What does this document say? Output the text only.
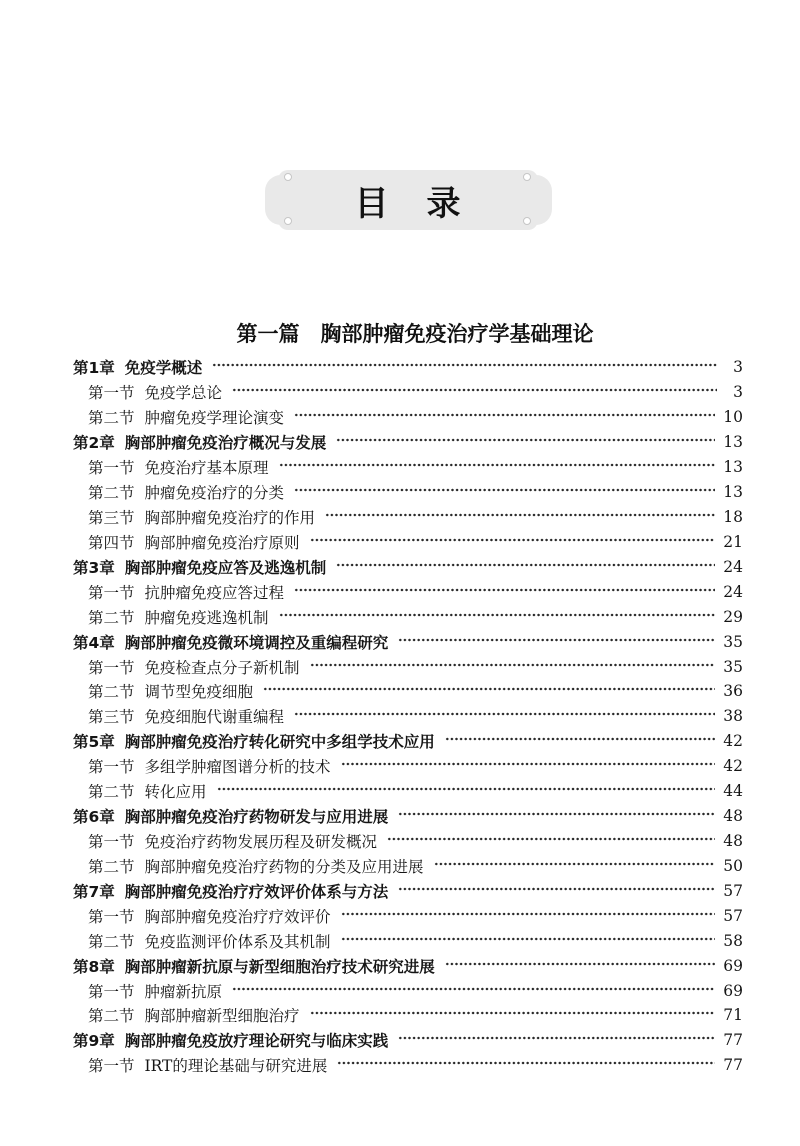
目　录
第一篇 胸部肿瘤免疫治疗学基础理论
第1章 免疫学概述	3
第一节 免疫学总论	3
第二节 肿瘤免疫学理论演变	10
第2章 胸部肿瘤免疫治疗概况与发展	13
第一节 免疫治疗基本原理	13
第二节 肿瘤免疫治疗的分类	13
第三节 胸部肿瘤免疫治疗的作用	18
第四节 胸部肿瘤免疫治疗原则	21
第3章 胸部肿瘤免疫应答及逃逸机制	24
第一节 抗肿瘤免疫应答过程	24
第二节 肿瘤免疫逃逸机制	29
第4章 胸部肿瘤免疫微环境调控及重编程研究	35
第一节 免疫检查点分子新机制	35
第二节 调节型免疫细胞	36
第三节 免疫细胞代谢重编程	38
第5章 胸部肿瘤免疫治疗转化研究中多组学技术应用	42
第一节 多组学肿瘤图谱分析的技术	42
第二节 转化应用	44
第6章 胸部肿瘤免疫治疗药物研发与应用进展	48
第一节 免疫治疗药物发展历程及研发概况	48
第二节 胸部肿瘤免疫治疗药物的分类及应用进展	50
第7章 胸部肿瘤免疫治疗疗效评价体系与方法	57
第一节 胸部肿瘤免疫治疗疗效评价	57
第二节 免疫监测评价体系及其机制	58
第8章 胸部肿瘤新抗原与新型细胞治疗技术研究进展	69
第一节 肿瘤新抗原	69
第二节 胸部肿瘤新型细胞治疗	71
第9章 胸部肿瘤免疫放疗理论研究与临床实践	77
第一节 IRT的理论基础与研究进展	77
